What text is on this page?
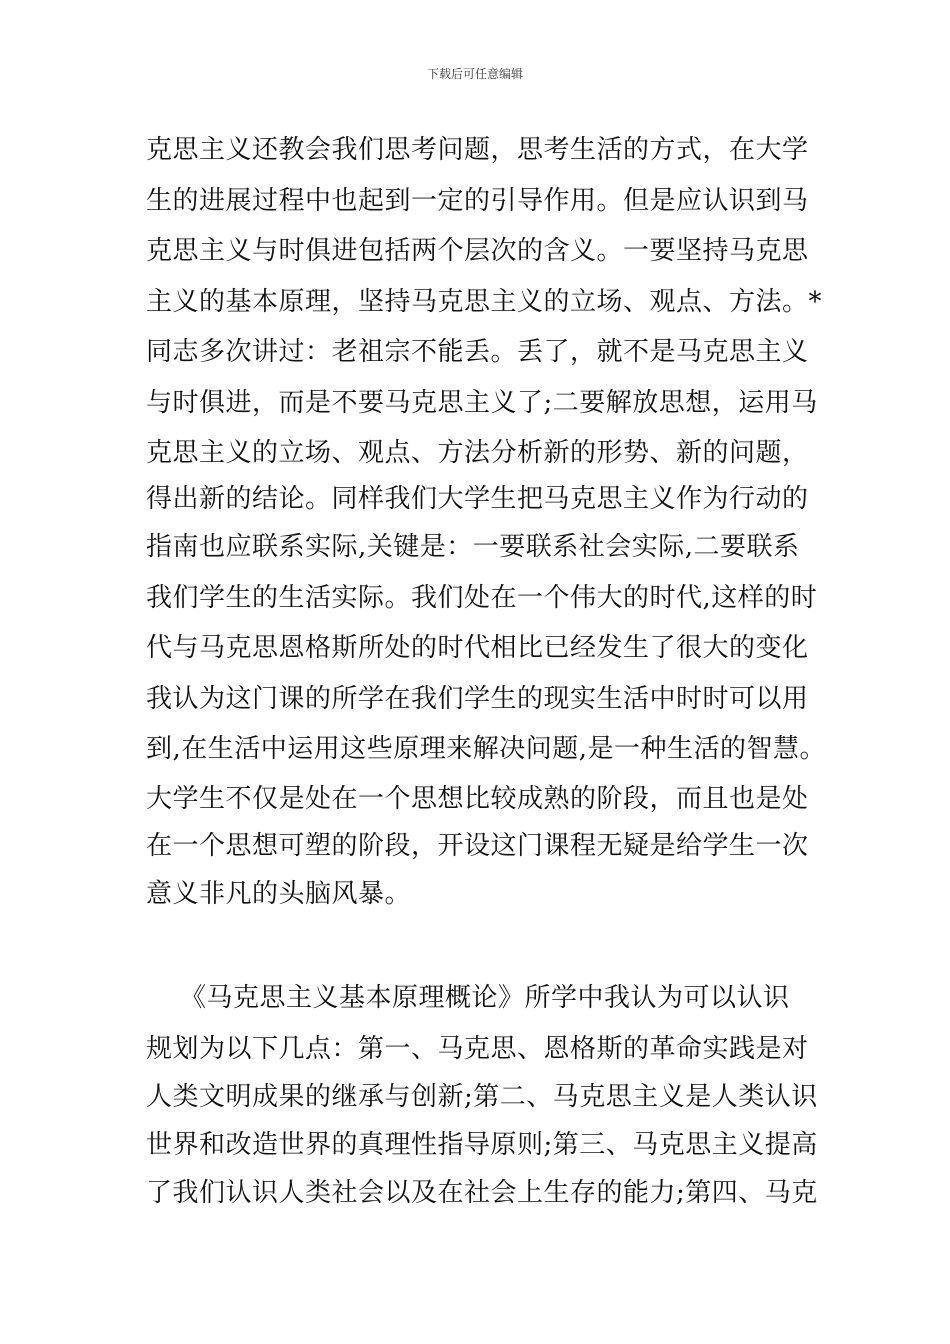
下载后可任意编辑
克思主义还教会我们思考问题，思考生活的方式，在大学
生的进展过程中也起到一定的引导作用。但是应认识到马
克思主义与时俱进包括两个层次的含义。一要坚持马克思
主义的基本原理，坚持马克思主义的立场、观点、方法。*
同志多次讲过：老祖宗不能丢。丢了，就不是马克思主义
与时俱进，而是不要马克思主义了;二要解放思想，运用马
克思主义的立场、观点、方法分析新的形势、新的问题，
得出新的结论。同样我们大学生把马克思主义作为行动的
指南也应联系实际,关键是：一要联系社会实际,二要联系
我们学生的生活实际。我们处在一个伟大的时代,这样的时
代与马克思恩格斯所处的时代相比已经发生了很大的变化
我认为这门课的所学在我们学生的现实生活中时时可以用
到,在生活中运用这些原理来解决问题,是一种生活的智慧。
大学生不仅是处在一个思想比较成熟的阶段，而且也是处
在一个思想可塑的阶段，开设这门课程无疑是给学生一次
意义非凡的头脑风暴。
《马克思主义基本原理概论》所学中我认为可以认识
规划为以下几点：第一、马克思、恩格斯的革命实践是对
人类文明成果的继承与创新;第二、马克思主义是人类认识
世界和改造世界的真理性指导原则;第三、马克思主义提高
了我们认识人类社会以及在社会上生存的能力;第四、马克
